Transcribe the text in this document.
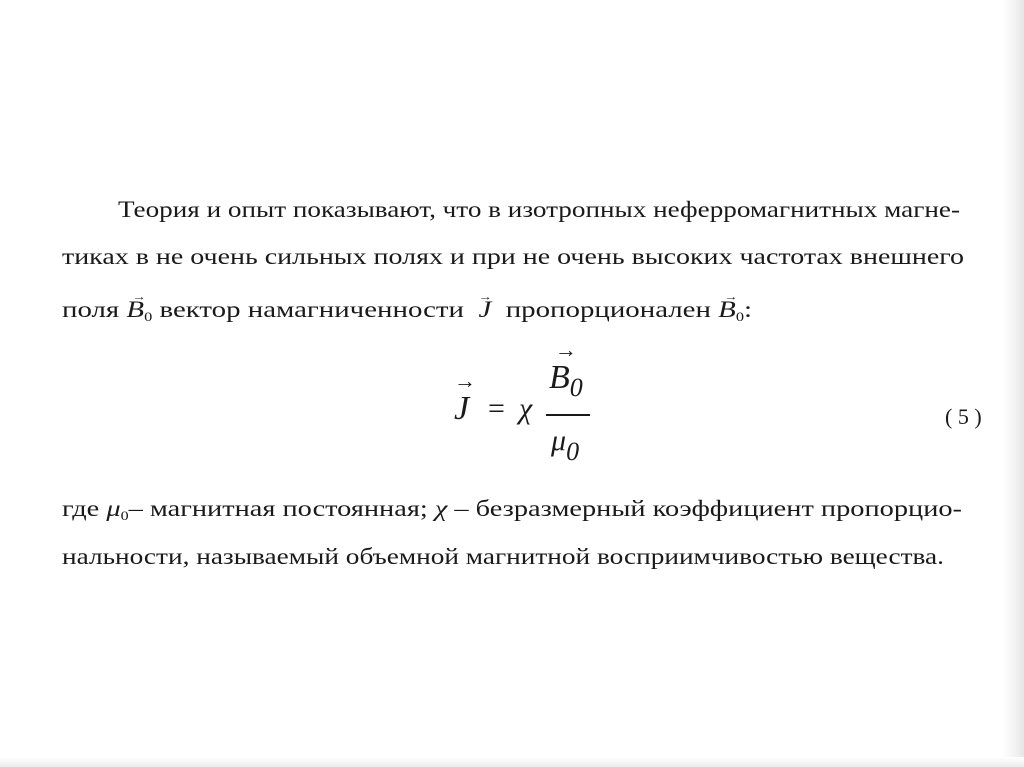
Теория и опыт показывают, что в изотропных неферромагнитных магне-
тиках в не очень сильных полях и при не очень высоких частотах внешнего
поля → B0 вектор намагниченности → J пропорционален → B0:
→ J = χ
→ $B_0$
μ0
( 5 )
где μ0– магнитная постоянная; χ – безразмерный коэффициент пропорцио-
нальности, называемый объемной магнитной восприимчивостью вещества.
